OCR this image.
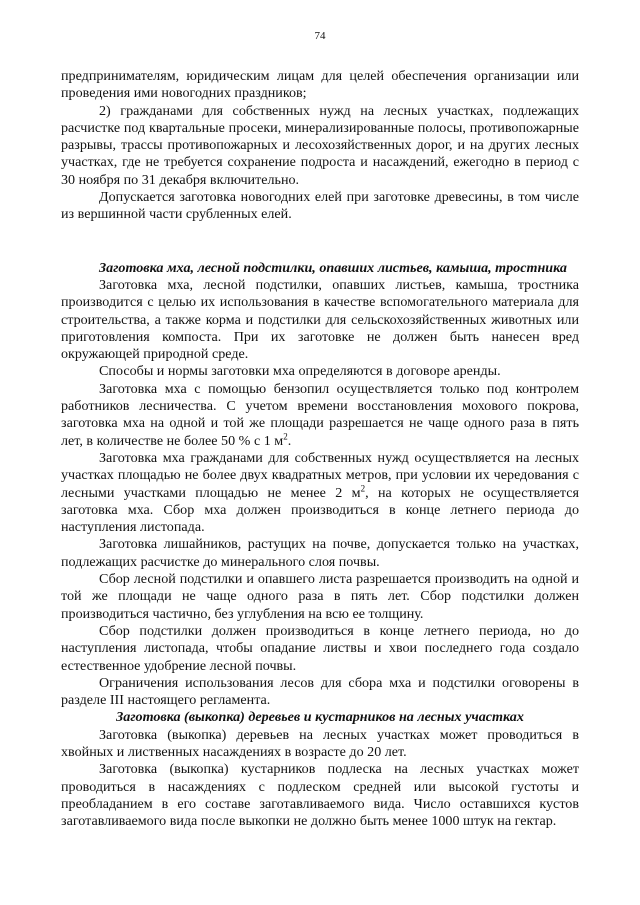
74

предпринимателям, юридическим лицам для целей обеспечения организации или проведения ими новогодних праздников;

2) гражданами для собственных нужд на лесных участках, подлежащих расчистке под квартальные просеки, минерализированные полосы, противопожарные разрывы, трассы противопожарных и лесохозяйственных дорог, и на других лесных участках, где не требуется сохранение подроста и насаждений, ежегодно в период с 30 ноября по 31 декабря включительно.

Допускается заготовка новогодних елей при заготовке древесины, в том числе из вершинной части срубленных елей.

Заготовка мха, лесной подстилки, опавших листьев, камыша, тростника

Заготовка мха, лесной подстилки, опавших листьев, камыша, тростника производится с целью их использования в качестве вспомогательного материала для строительства, а также корма и подстилки для сельскохозяйственных животных или приготовления компоста. При их заготовке не должен быть нанесен вред окружающей природной среде.

Способы и нормы заготовки мха определяются в договоре аренды.

Заготовка мха с помощью бензопил осуществляется только под контролем работников лесничества. С учетом времени восстановления мохового покрова, заготовка мха на одной и той же площади разрешается не чаще одного раза в пять лет, в количестве не более 50 % с 1 $м^2$.

Заготовка мха гражданами для собственных нужд осуществляется на лесных участках площадью не более двух квадратных метров, при условии их чередования с лесными участками площадью не менее 2 $м^2$, на которых не осуществляется заготовка мха. Сбор мха должен производиться в конце летнего периода до наступления листопада.

Заготовка лишайников, растущих на почве, допускается только на участках, подлежащих расчистке до минерального слоя почвы.

Сбор лесной подстилки и опавшего листа разрешается производить на одной и той же площади не чаще одного раза в пять лет. Сбор подстилки должен производиться частично, без углубления на всю ее толщину.

Сбор подстилки должен производиться в конце летнего периода, но до наступления листопада, чтобы опадание листвы и хвои последнего года создало естественное удобрение лесной почвы.

Ограничения использования лесов для сбора мха и подстилки оговорены в разделе III настоящего регламента.

Заготовка (выкопка) деревьев и кустарников на лесных участках

Заготовка (выкопка) деревьев на лесных участках может проводиться в хвойных и лиственных насаждениях в возрасте до 20 лет.

Заготовка (выкопка) кустарников подлеска на лесных участках может проводиться в насаждениях с подлеском средней или высокой густоты и преобладанием в его составе заготавливаемого вида. Число оставшихся кустов заготавливаемого вида после выкопки не должно быть менее 1000 штук на гектар.
